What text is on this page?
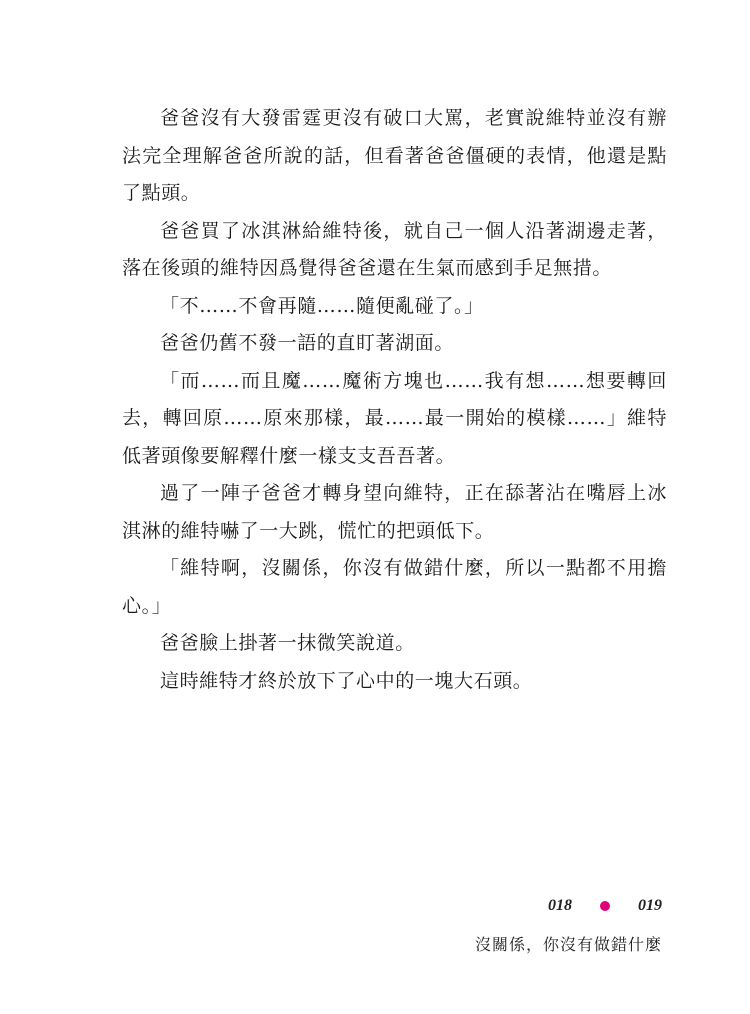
爸爸沒有大發雷霆更沒有破口大罵，老實說維特並沒有辦法完全理解爸爸所說的話，但看著爸爸僵硬的表情，他還是點了點頭。

爸爸買了冰淇淋給維特後，就自己一個人沿著湖邊走著，落在後頭的維特因爲覺得爸爸還在生氣而感到手足無措。

「不……不會再隨……隨便亂碰了。」

爸爸仍舊不發一語的直盯著湖面。

「而……而且魔……魔術方塊也……我有想……想要轉回去，轉回原……原來那樣，最……最一開始的模樣……」維特低著頭像要解釋什麼一樣支支吾吾著。

過了一陣子爸爸才轉身望向維特，正在舔著沾在嘴唇上冰淇淋的維特嚇了一大跳，慌忙的把頭低下。

「維特啊，沒關係，你沒有做錯什麼，所以一點都不用擔心。」

爸爸臉上掛著一抹微笑說道。

這時維特才終於放下了心中的一塊大石頭。

018	019
沒關係，你沒有做錯什麼
